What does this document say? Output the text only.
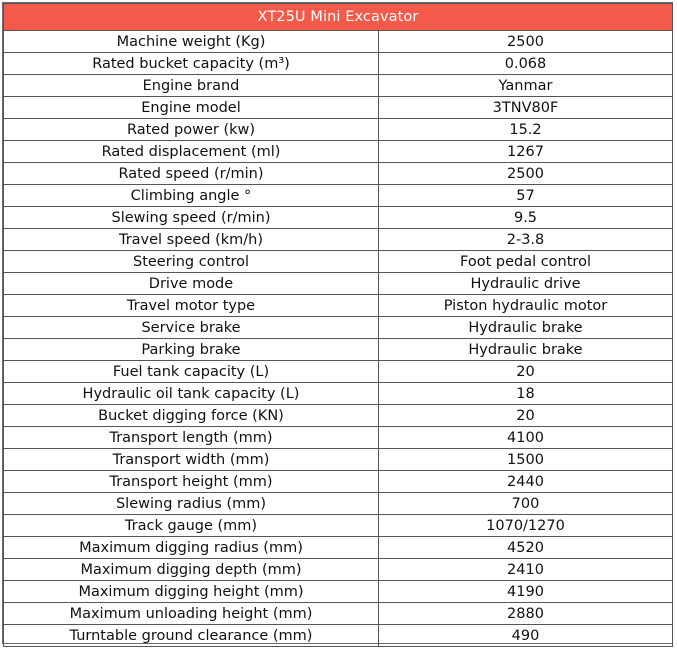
XT25U Mini Excavator	
Machine weight (Kg)	2500
Rated bucket capacity (m³)	0.068
Engine brand	Yanmar
Engine model	3TNV80F
Rated power (kw)	15.2
Rated displacement (ml)	1267
Rated speed (r/min)	2500
Climbing angle °	57
Slewing speed (r/min)	9.5
Travel speed (km/h)	2-3.8
Steering control	Foot pedal control
Drive mode	Hydraulic drive
Travel motor type	Piston hydraulic motor
Service brake	Hydraulic brake
Parking brake	Hydraulic brake
Fuel tank capacity (L)	20
Hydraulic oil tank capacity (L)	18
Bucket digging force (KN)	20
Transport length (mm)	4100
Transport width (mm)	1500
Transport height (mm)	2440
Slewing radius (mm)	700
Track gauge (mm)	1070/1270
Maximum digging radius (mm)	4520
Maximum digging depth (mm)	2410
Maximum digging height (mm)	4190
Maximum unloading height (mm)	2880
Turntable ground clearance (mm)	490
